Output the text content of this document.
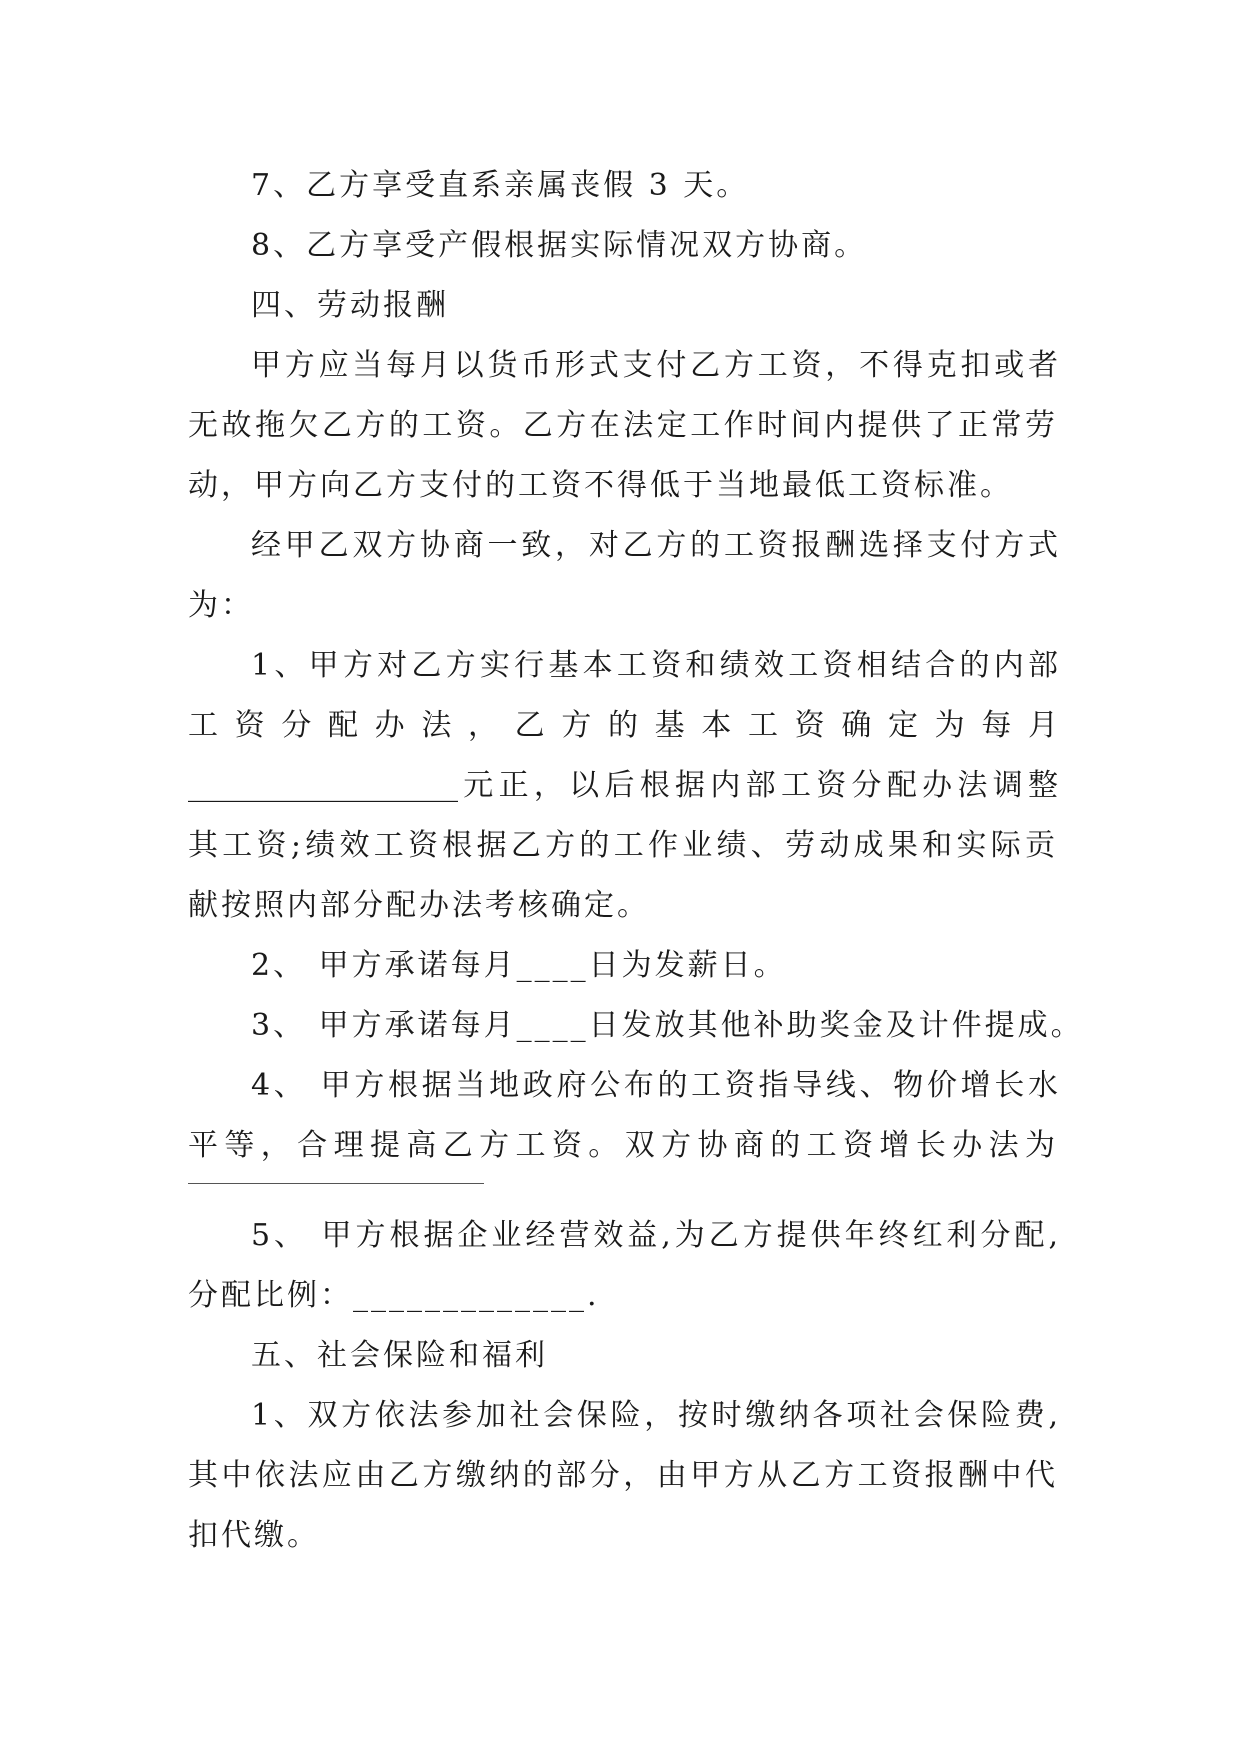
7、乙方享受直系亲属丧假 3 天。
8、乙方享受产假根据实际情况双方协商。
四、劳动报酬
甲方应当每月以货币形式支付乙方工资，不得克扣或者
无故拖欠乙方的工资。乙方在法定工作时间内提供了正常劳
动，甲方向乙方支付的工资不得低于当地最低工资标准。
经甲乙双方协商一致，对乙方的工资报酬选择支付方式
为：
1、甲方对乙方实行基本工资和绩效工资相结合的内部
工 资 分 配 办 法 ， 乙 方 的 基 本 工 资 确 定 为 每 月
__________________元正，以后根据内部工资分配办法调整
其工资;绩效工资根据乙方的工作业绩、劳动成果和实际贡
献按照内部分配办法考核确定。
2、 甲方承诺每月____日为发薪日。
3、 甲方承诺每月____日发放其他补助奖金及计件提成。
4、 甲方根据当地政府公布的工资指导线、物价增长水
平等，合理提高乙方工资。双方协商的工资增长办法为
5、 甲方根据企业经营效益,为乙方提供年终红利分配,
分配比例：_____________.
五、社会保险和福利
1、双方依法参加社会保险，按时缴纳各项社会保险费,
其中依法应由乙方缴纳的部分，由甲方从乙方工资报酬中代
扣代缴。
